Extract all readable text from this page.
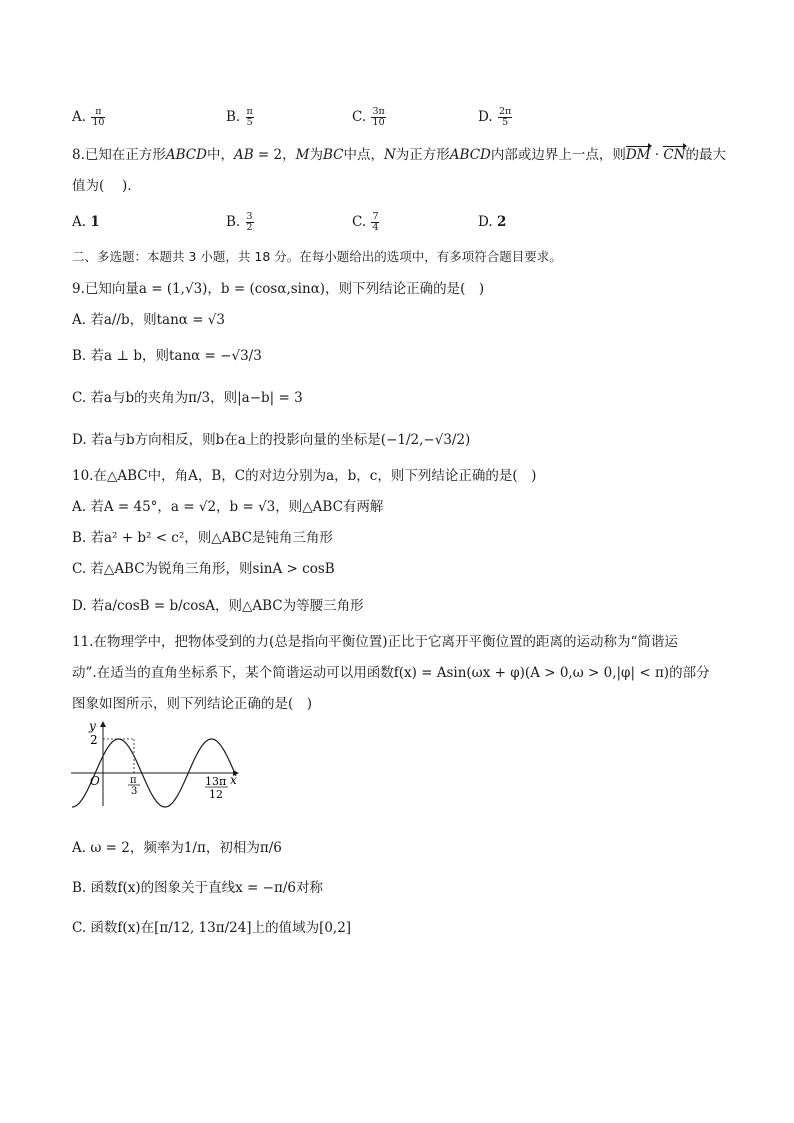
A. $\frac{\pi}{10}$	B. $\frac{\pi}{5}$	C. $\frac{3\pi}{10}$	D. $\frac{2\pi}{5}$
8.已知在正方形ABCD中，AB = 2，M为BC中点，N为正方形ABCD内部或边界上一点，则DM · CN的最大
值为(　 )．
A. 1	B. $\frac{3}{2}$	C. $\frac{7}{4}$	D. 2
二、多选题：本题共 3 小题，共 18 分。在每小题给出的选项中，有多项符合题目要求。
9.已知向量a = (1,√3)，b = (cosα,sinα)，则下列结论正确的是(　)
A. 若a//b，则tanα = √3
B. 若a ⊥ b，则tanα = −√3/3
C. 若a与b的夹角为π/3，则|a−b| = 3
D. 若a与b方向相反，则b在a上的投影向量的坐标是(−1/2,−√3/2)
10.在△ABC中，角A，B，C的对边分别为a，b，c，则下列结论正确的是(　)
A. 若A = 45°，a = √2，b = √3，则△ABC有两解
B. 若a² + b² < c²，则△ABC是钝角三角形
C. 若△ABC为锐角三角形，则sinA > cosB
D. 若a/cosB = b/cosA，则△ABC为等腰三角形
11.在物理学中，把物体受到的力(总是指向平衡位置)正比于它离开平衡位置的距离的运动称为“简谐运
动”.在适当的直角坐标系下，某个简谐运动可以用函数f(x) = Asin(ωx + φ)(A > 0,ω > 0,|φ| < π)的部分
图象如图所示，则下列结论正确的是(　)
y
x
O
2
π
3
13π
12
A. ω = 2，频率为1/π，初相为π/6
B. 函数f(x)的图象关于直线x = −π/6对称
C. 函数f(x)在[π/12, 13π/24]上的值域为[0,2]
